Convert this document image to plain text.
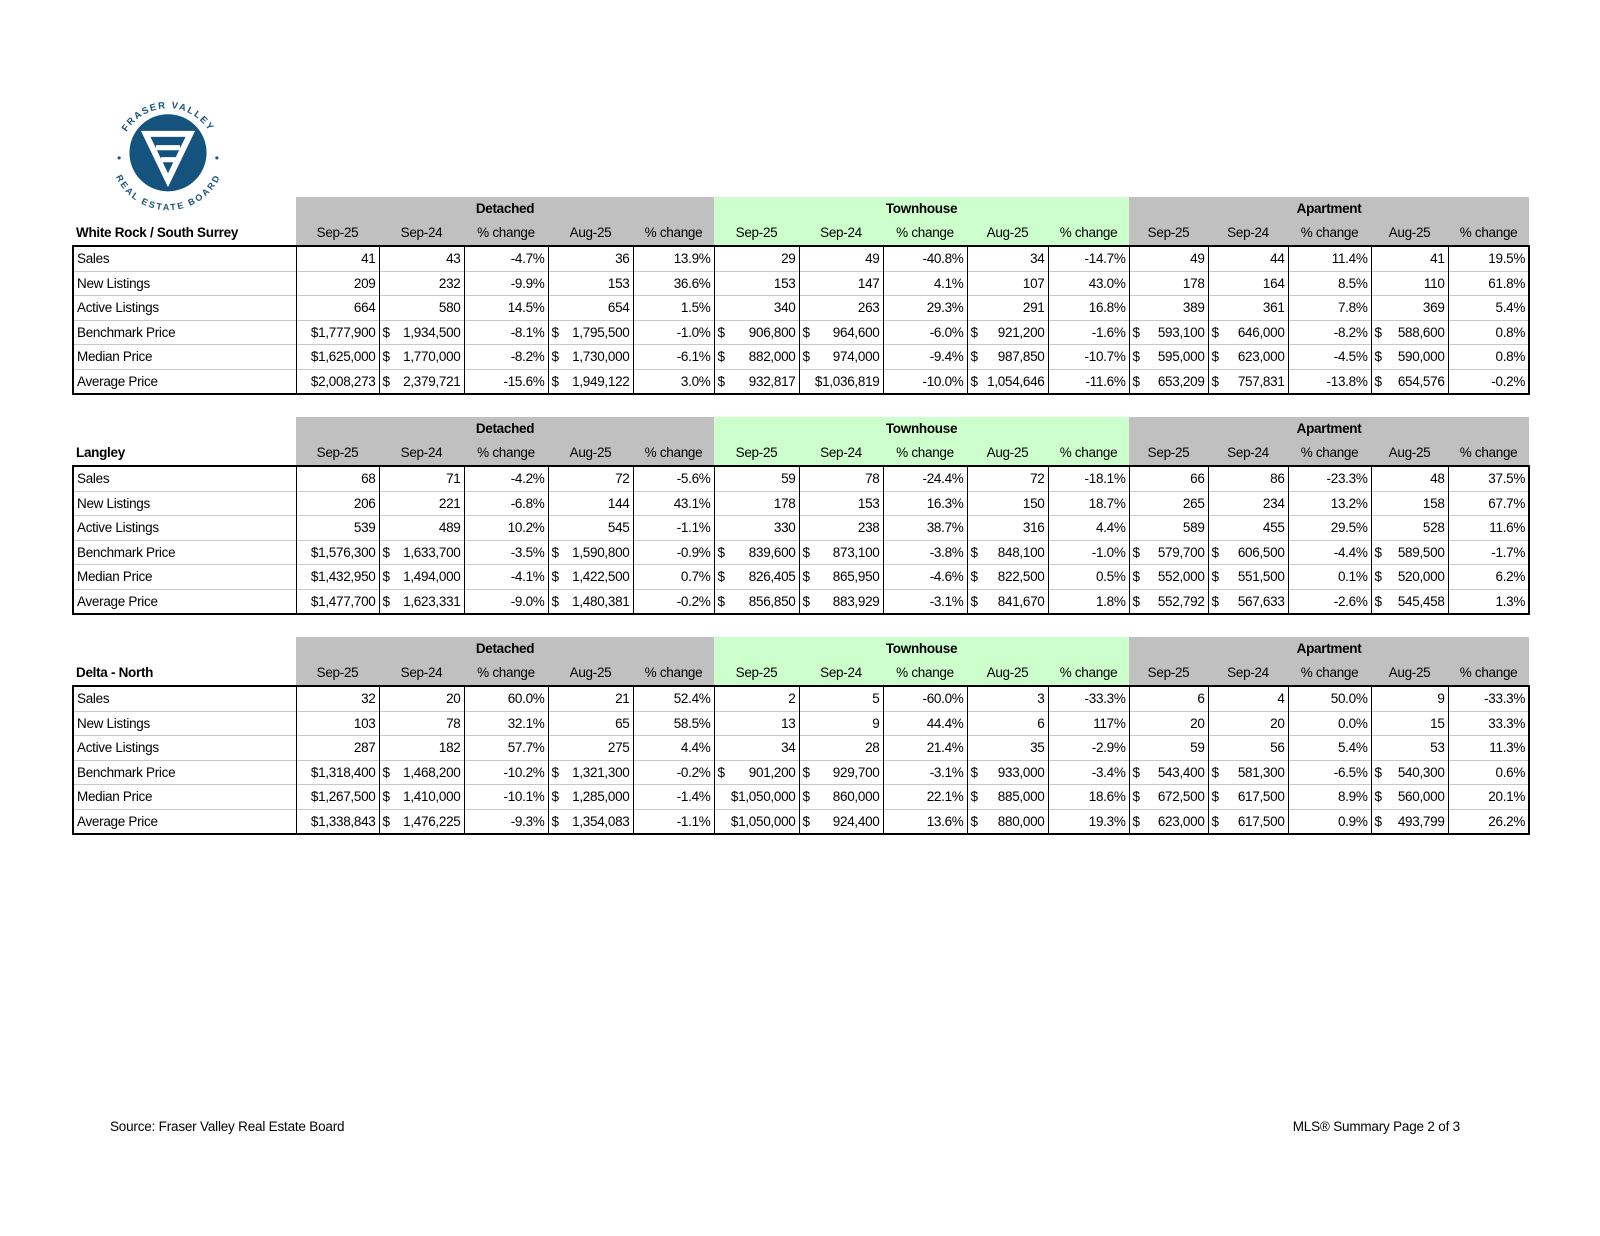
FRASER VALLEY
REAL ESTATE BOARD
	Detached					Townhouse					Apartment				
White Rock / South Surrey	Sep-25	Sep-24	% change	Aug-25	% change	Sep-25	Sep-24	% change	Aug-25	% change	Sep-25	Sep-24	% change	Aug-25	% change
Sales	41	43	-4.7%	36	13.9%	29	49	-40.8%	34	-14.7%	49	44	11.4%	41	19.5%
New Listings	209	232	-9.9%	153	36.6%	153	147	4.1%	107	43.0%	178	164	8.5%	110	61.8%
Active Listings	664	580	14.5%	654	1.5%	340	263	29.3%	291	16.8%	389	361	7.8%	369	5.4%
Benchmark Price	$1,777,900	$ 1,934,500	-8.1%	$ 1,795,500	-1.0%	$ 906,800	$ 964,600	-6.0%	$ 921,200	-1.6%	$ 593,100	$ 646,000	-8.2%	$ 588,600	0.8%
Median Price	$1,625,000	$ 1,770,000	-8.2%	$ 1,730,000	-6.1%	$ 882,000	$ 974,000	-9.4%	$ 987,850	-10.7%	$ 595,000	$ 623,000	-4.5%	$ 590,000	0.8%
Average Price	$2,008,273	$ 2,379,721	-15.6%	$ 1,949,122	3.0%	$ 932,817	$1,036,819	-10.0%	$ 1,054,646	-11.6%	$ 653,209	$ 757,831	-13.8%	$ 654,576	-0.2%
	Detached					Townhouse					Apartment				
Langley	Sep-25	Sep-24	% change	Aug-25	% change	Sep-25	Sep-24	% change	Aug-25	% change	Sep-25	Sep-24	% change	Aug-25	% change
Sales	68	71	-4.2%	72	-5.6%	59	78	-24.4%	72	-18.1%	66	86	-23.3%	48	37.5%
New Listings	206	221	-6.8%	144	43.1%	178	153	16.3%	150	18.7%	265	234	13.2%	158	67.7%
Active Listings	539	489	10.2%	545	-1.1%	330	238	38.7%	316	4.4%	589	455	29.5%	528	11.6%
Benchmark Price	$1,576,300	$ 1,633,700	-3.5%	$ 1,590,800	-0.9%	$ 839,600	$ 873,100	-3.8%	$ 848,100	-1.0%	$ 579,700	$ 606,500	-4.4%	$ 589,500	-1.7%
Median Price	$1,432,950	$ 1,494,000	-4.1%	$ 1,422,500	0.7%	$ 826,405	$ 865,950	-4.6%	$ 822,500	0.5%	$ 552,000	$ 551,500	0.1%	$ 520,000	6.2%
Average Price	$1,477,700	$ 1,623,331	-9.0%	$ 1,480,381	-0.2%	$ 856,850	$ 883,929	-3.1%	$ 841,670	1.8%	$ 552,792	$ 567,633	-2.6%	$ 545,458	1.3%
	Detached					Townhouse					Apartment				
Delta - North	Sep-25	Sep-24	% change	Aug-25	% change	Sep-25	Sep-24	% change	Aug-25	% change	Sep-25	Sep-24	% change	Aug-25	% change
Sales	32	20	60.0%	21	52.4%	2	5	-60.0%	3	-33.3%	6	4	50.0%	9	-33.3%
New Listings	103	78	32.1%	65	58.5%	13	9	44.4%	6	117%	20	20	0.0%	15	33.3%
Active Listings	287	182	57.7%	275	4.4%	34	28	21.4%	35	-2.9%	59	56	5.4%	53	11.3%
Benchmark Price	$1,318,400	$ 1,468,200	-10.2%	$ 1,321,300	-0.2%	$ 901,200	$ 929,700	-3.1%	$ 933,000	-3.4%	$ 543,400	$ 581,300	-6.5%	$ 540,300	0.6%
Median Price	$1,267,500	$ 1,410,000	-10.1%	$ 1,285,000	-1.4%	$1,050,000	$ 860,000	22.1%	$ 885,000	18.6%	$ 672,500	$ 617,500	8.9%	$ 560,000	20.1%
Average Price	$1,338,843	$ 1,476,225	-9.3%	$ 1,354,083	-1.1%	$1,050,000	$ 924,400	13.6%	$ 880,000	19.3%	$ 623,000	$ 617,500	0.9%	$ 493,799	26.2%
Source: Fraser Valley Real Estate Board	MLS® Summary Page 2 of 3
